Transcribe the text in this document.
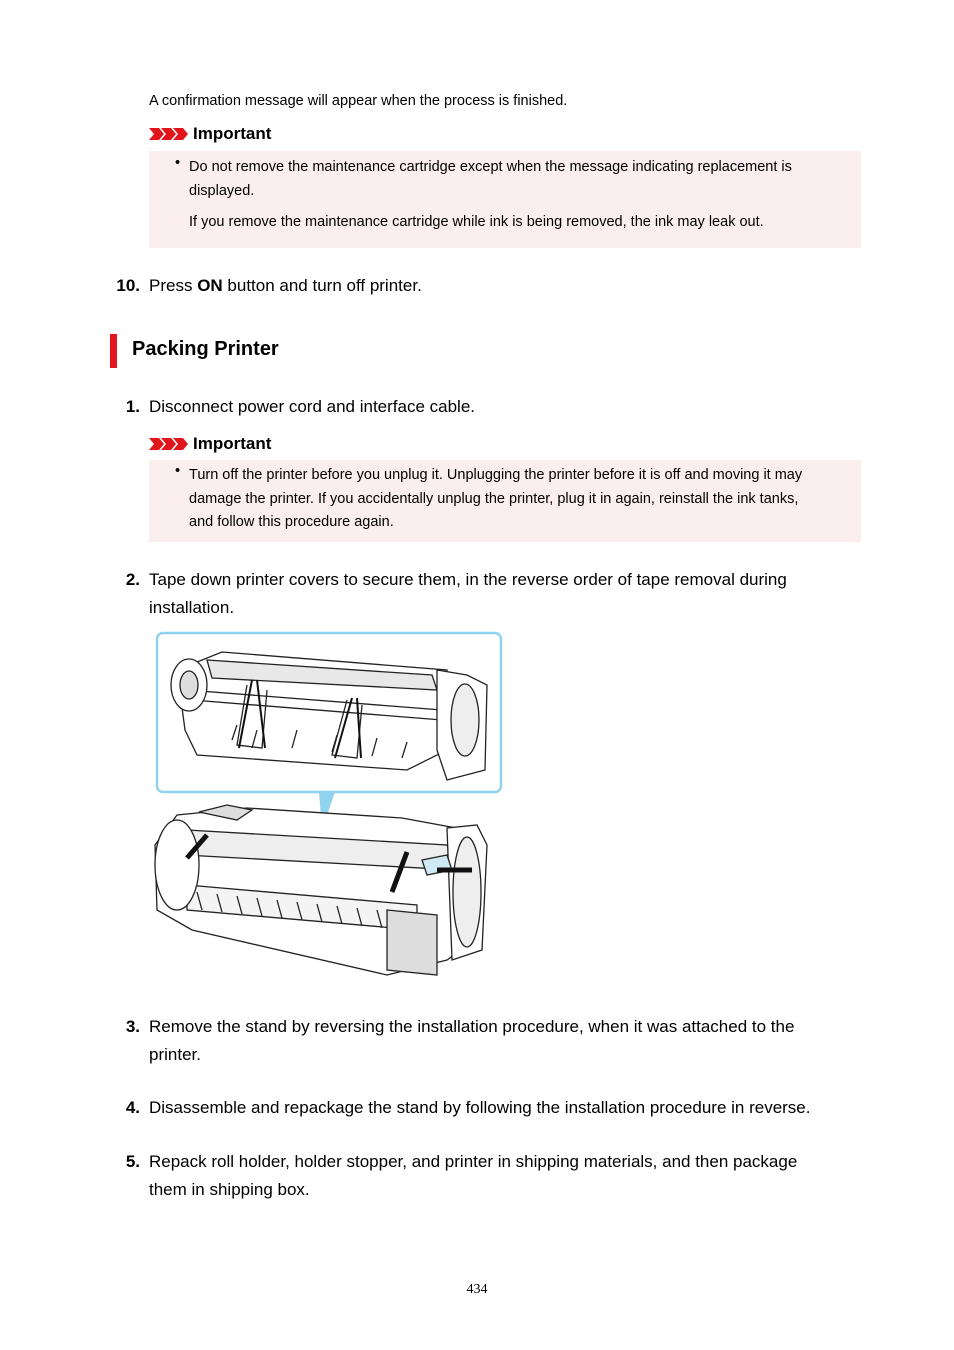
A confirmation message will appear when the process is finished.
Important
• Do not remove the maintenance cartridge except when the message indicating replacement is
displayed.
If you remove the maintenance cartridge while ink is being removed, the ink may leak out.
10. Press ON button and turn off printer.
Packing Printer
1. Disconnect power cord and interface cable.
Important
• Turn off the printer before you unplug it. Unplugging the printer before it is off and moving it may
damage the printer. If you accidentally unplug the printer, plug it in again, reinstall the ink tanks,
and follow this procedure again.
2. Tape down printer covers to secure them, in the reverse order of tape removal during
installation.
3. Remove the stand by reversing the installation procedure, when it was attached to the
printer.
4. Disassemble and repackage the stand by following the installation procedure in reverse.
5. Repack roll holder, holder stopper, and printer in shipping materials, and then package
them in shipping box.
434
